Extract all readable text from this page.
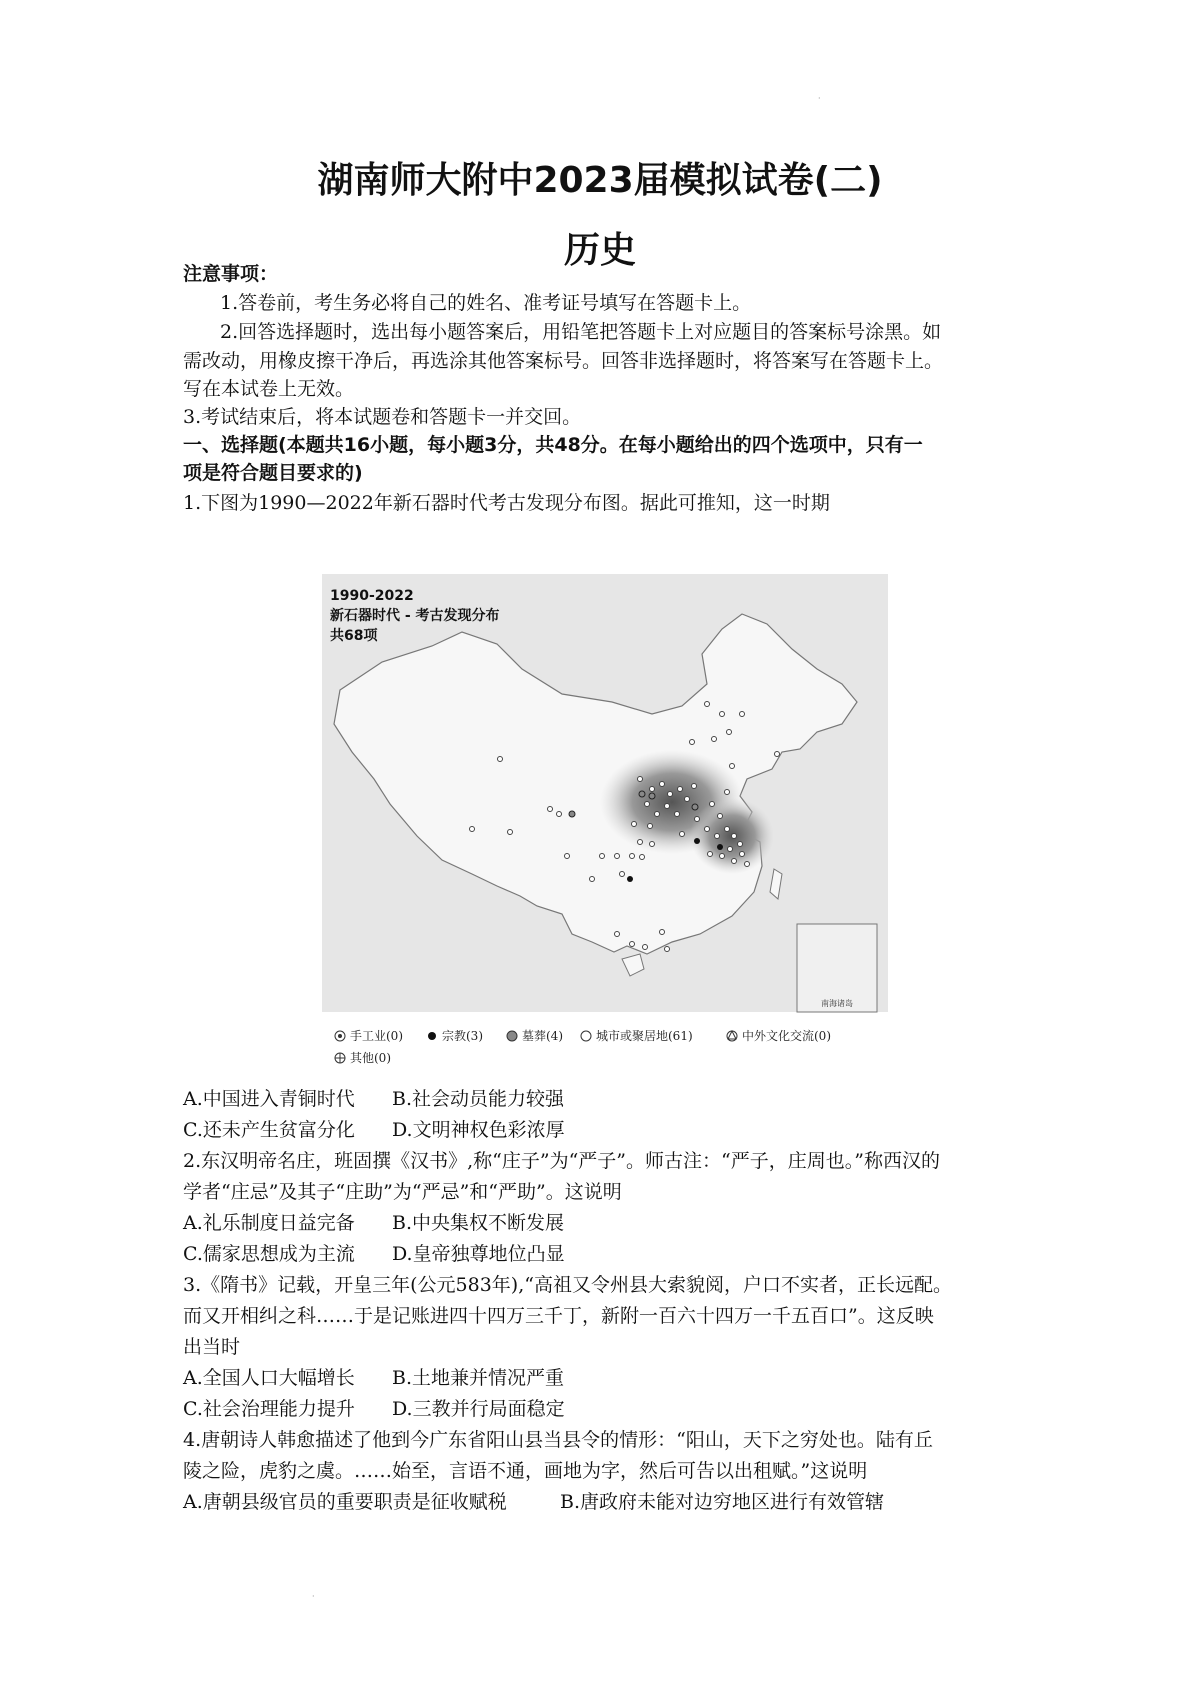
·
湖南师大附中2023届模拟试卷(二)
历史
注意事项：
1.答卷前，考生务必将自己的姓名、准考证号填写在答题卡上。
2.回答选择题时，选出每小题答案后，用铅笔把答题卡上对应题目的答案标号涂黑。如
需改动，用橡皮擦干净后，再选涂其他答案标号。回答非选择题时，将答案写在答题卡上。
写在本试卷上无效。
3.考试结束后，将本试题卷和答题卡一并交回。
一、选择题(本题共16小题，每小题3分，共48分。在每小题给出的四个选项中，只有一
项是符合题目要求的)
1.下图为1990—2022年新石器时代考古发现分布图。据此可推知，这一时期
南海诸岛
1990-2022
新石器时代 - 考古发现分布
共68项
手工业(0)	宗教(3)	墓葬(4)	城市或聚居地(61)	中外文化交流(0)
其他(0)
A.中国进入青铜时代 B.社会动员能力较强
C.还未产生贫富分化 D.文明神权色彩浓厚
2.东汉明帝名庄，班固撰《汉书》,称“庄子”为“严子”。师古注：“严子，庄周也。”称西汉的
学者“庄忌”及其子“庄助”为“严忌”和“严助”。这说明
A.礼乐制度日益完备 B.中央集权不断发展
C.儒家思想成为主流 D.皇帝独尊地位凸显
3.《隋书》记载，开皇三年(公元583年),“高祖又令州县大索貌阅，户口不实者，正长远配。
而又开相纠之科……于是记账进四十四万三千丁，新附一百六十四万一千五百口”。这反映
出当时
A.全国人口大幅增长 B.土地兼并情况严重
C.社会治理能力提升 D.三教并行局面稳定
4.唐朝诗人韩愈描述了他到今广东省阳山县当县令的情形：“阳山，天下之穷处也。陆有丘
陵之险，虎豹之虞。……始至，言语不通，画地为字，然后可告以出租赋。”这说明
A.唐朝县级官员的重要职责是征收赋税	B.唐政府未能对边穷地区进行有效管辖
·
